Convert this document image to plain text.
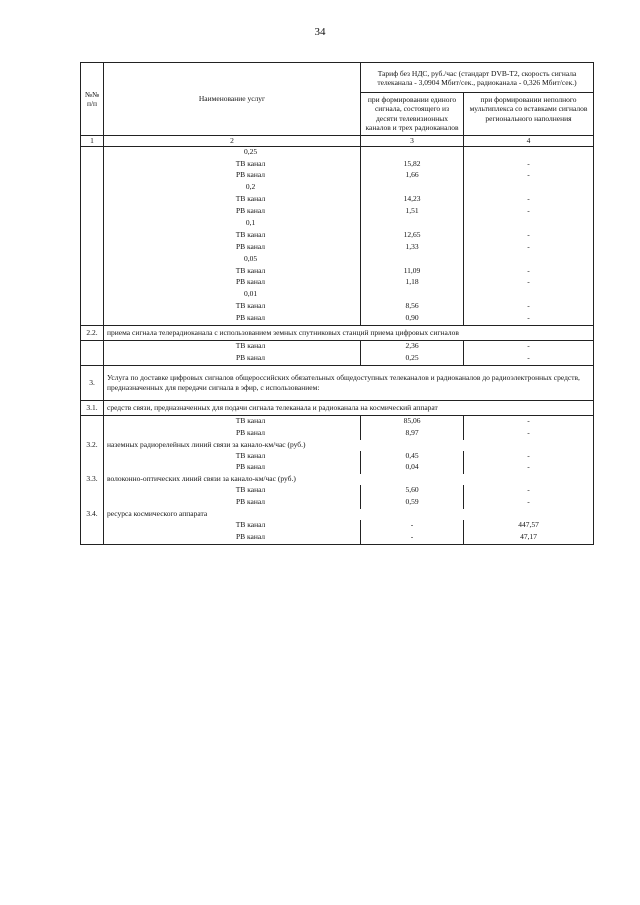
34
№№ п/п	Наименование услуг	Тариф без НДС, руб./час (стандарт DVB-T2, скорость сигнала телеканала - 3,0904 Мбит/сек., радиоканала - 0,326 Мбит/сек.)	
		при формировании единого сигнала, состоящего из десяти телевизионных каналов и трех радиоканалов	при формировании неполного мультиплекса со вставками сигналов регионального наполнения
1	2	3	4
	0,25		
	ТВ канал	15,82	-
	РВ канал	1,66	-
	0,2		
	ТВ канал	14,23	-
	РВ канал	1,51	-
	0,1		
	ТВ канал	12,65	-
	РВ канал	1,33	-
	0,05		
	ТВ канал	11,09	-
	РВ канал	1,18	-
	0,01		
	ТВ канал	8,56	-
	РВ канал	0,90	-
2.2.	приема сигнала телерадиоканала с использованием земных спутниковых станций приема цифровых сигналов		
	ТВ канал	2,36	-
	РВ канал	0,25	-
3.	Услуга по доставке цифровых сигналов общероссийских обязательных общедоступных телеканалов и радиоканалов до радиоэлектронных средств, предназначенных для передачи сигнала в эфир, с использованием:		
3.1.	средств связи, предназначенных для подачи сигнала телеканала и радиоканала на космический аппарат		
	ТВ канал	85,06	-
	РВ канал	8,97	-
3.2.	наземных радиорелейных линий связи за канало-км/час (руб.)		
	ТВ канал	0,45	-
	РВ канал	0,04	-
3.3.	волоконно-оптических линий связи за канало-км/час (руб.)		
	ТВ канал	5,60	-
	РВ канал	0,59	-
3.4.	ресурса космического аппарата		
	ТВ канал	-	447,57
	РВ канал	-	47,17
